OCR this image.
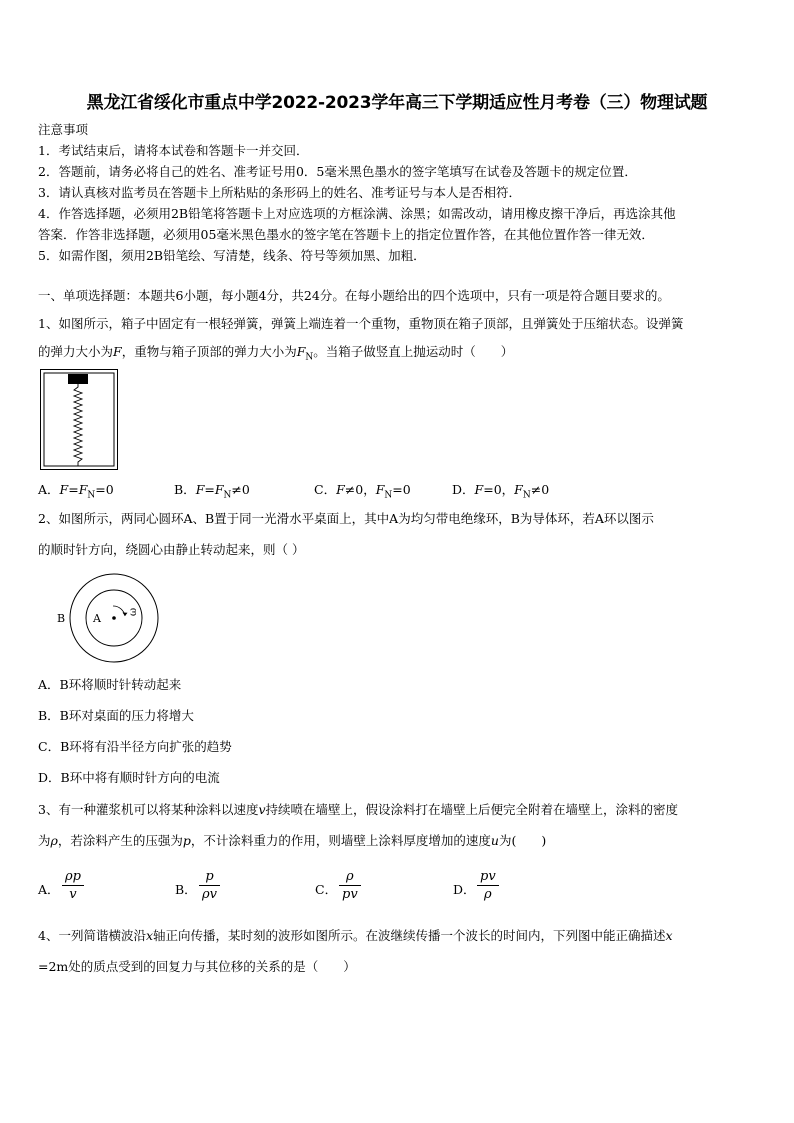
黑龙江省绥化市重点中学2022-2023学年高三下学期适应性月考卷（三）物理试题
注意事项
1．考试结束后，请将本试卷和答题卡一并交回．
2．答题前，请务必将自己的姓名、准考证号用0．5毫米黑色墨水的签字笔填写在试卷及答题卡的规定位置．
3．请认真核对监考员在答题卡上所粘贴的条形码上的姓名、准考证号与本人是否相符．
4．作答选择题，必须用2B铅笔将答题卡上对应选项的方框涂满、涂黑；如需改动，请用橡皮擦干净后，再选涂其他
答案．作答非选择题，必须用05毫米黑色墨水的签字笔在答题卡上的指定位置作答，在其他位置作答一律无效．
5．如需作图，须用2B铅笔绘、写清楚，线条、符号等须加黑、加粗．
一、单项选择题：本题共6小题，每小题4分，共24分。在每小题给出的四个选项中，只有一项是符合题目要求的。
1、如图所示，箱子中固定有一根轻弹簧，弹簧上端连着一个重物，重物顶在箱子顶部，且弹簧处于压缩状态。设弹簧
的弹力大小为F，重物与箱子顶部的弹力大小为$F_N$。当箱子做竖直上抛运动时（　　）
A．$F=F_N=0$	B．$F=F_N\ne 0$	C．F≠0，$F_N=0$	D．F=0，$F_N\ne 0$
2、如图所示，两同心圆环A、B置于同一光滑水平桌面上，其中A为均匀带电绝缘环，B为导体环，若A环以图示
的顺时针方向，绕圆心由静止转动起来，则（ ）
B	A
ω
A．B环将顺时针转动起来
B．B环对桌面的压力将增大
C．B环将有沿半径方向扩张的趋势
D．B环中将有顺时针方向的电流
3、有一种灌浆机可以将某种涂料以速度v持续喷在墙壁上，假设涂料打在墙壁上后便完全附着在墙壁上，涂料的密度
为ρ，若涂料产生的压强为p，不计涂料重力的作用，则墙壁上涂料厚度增加的速度u为(　　)
A．
ρp
v	B．
p
ρv	C．
ρ
pv	D．
pv
ρ
4、一列简谐横波沿x轴正向传播，某时刻的波形如图所示。在波继续传播一个波长的时间内，下列图中能正确描述x
=2m处的质点受到的回复力与其位移的关系的是（　　）
